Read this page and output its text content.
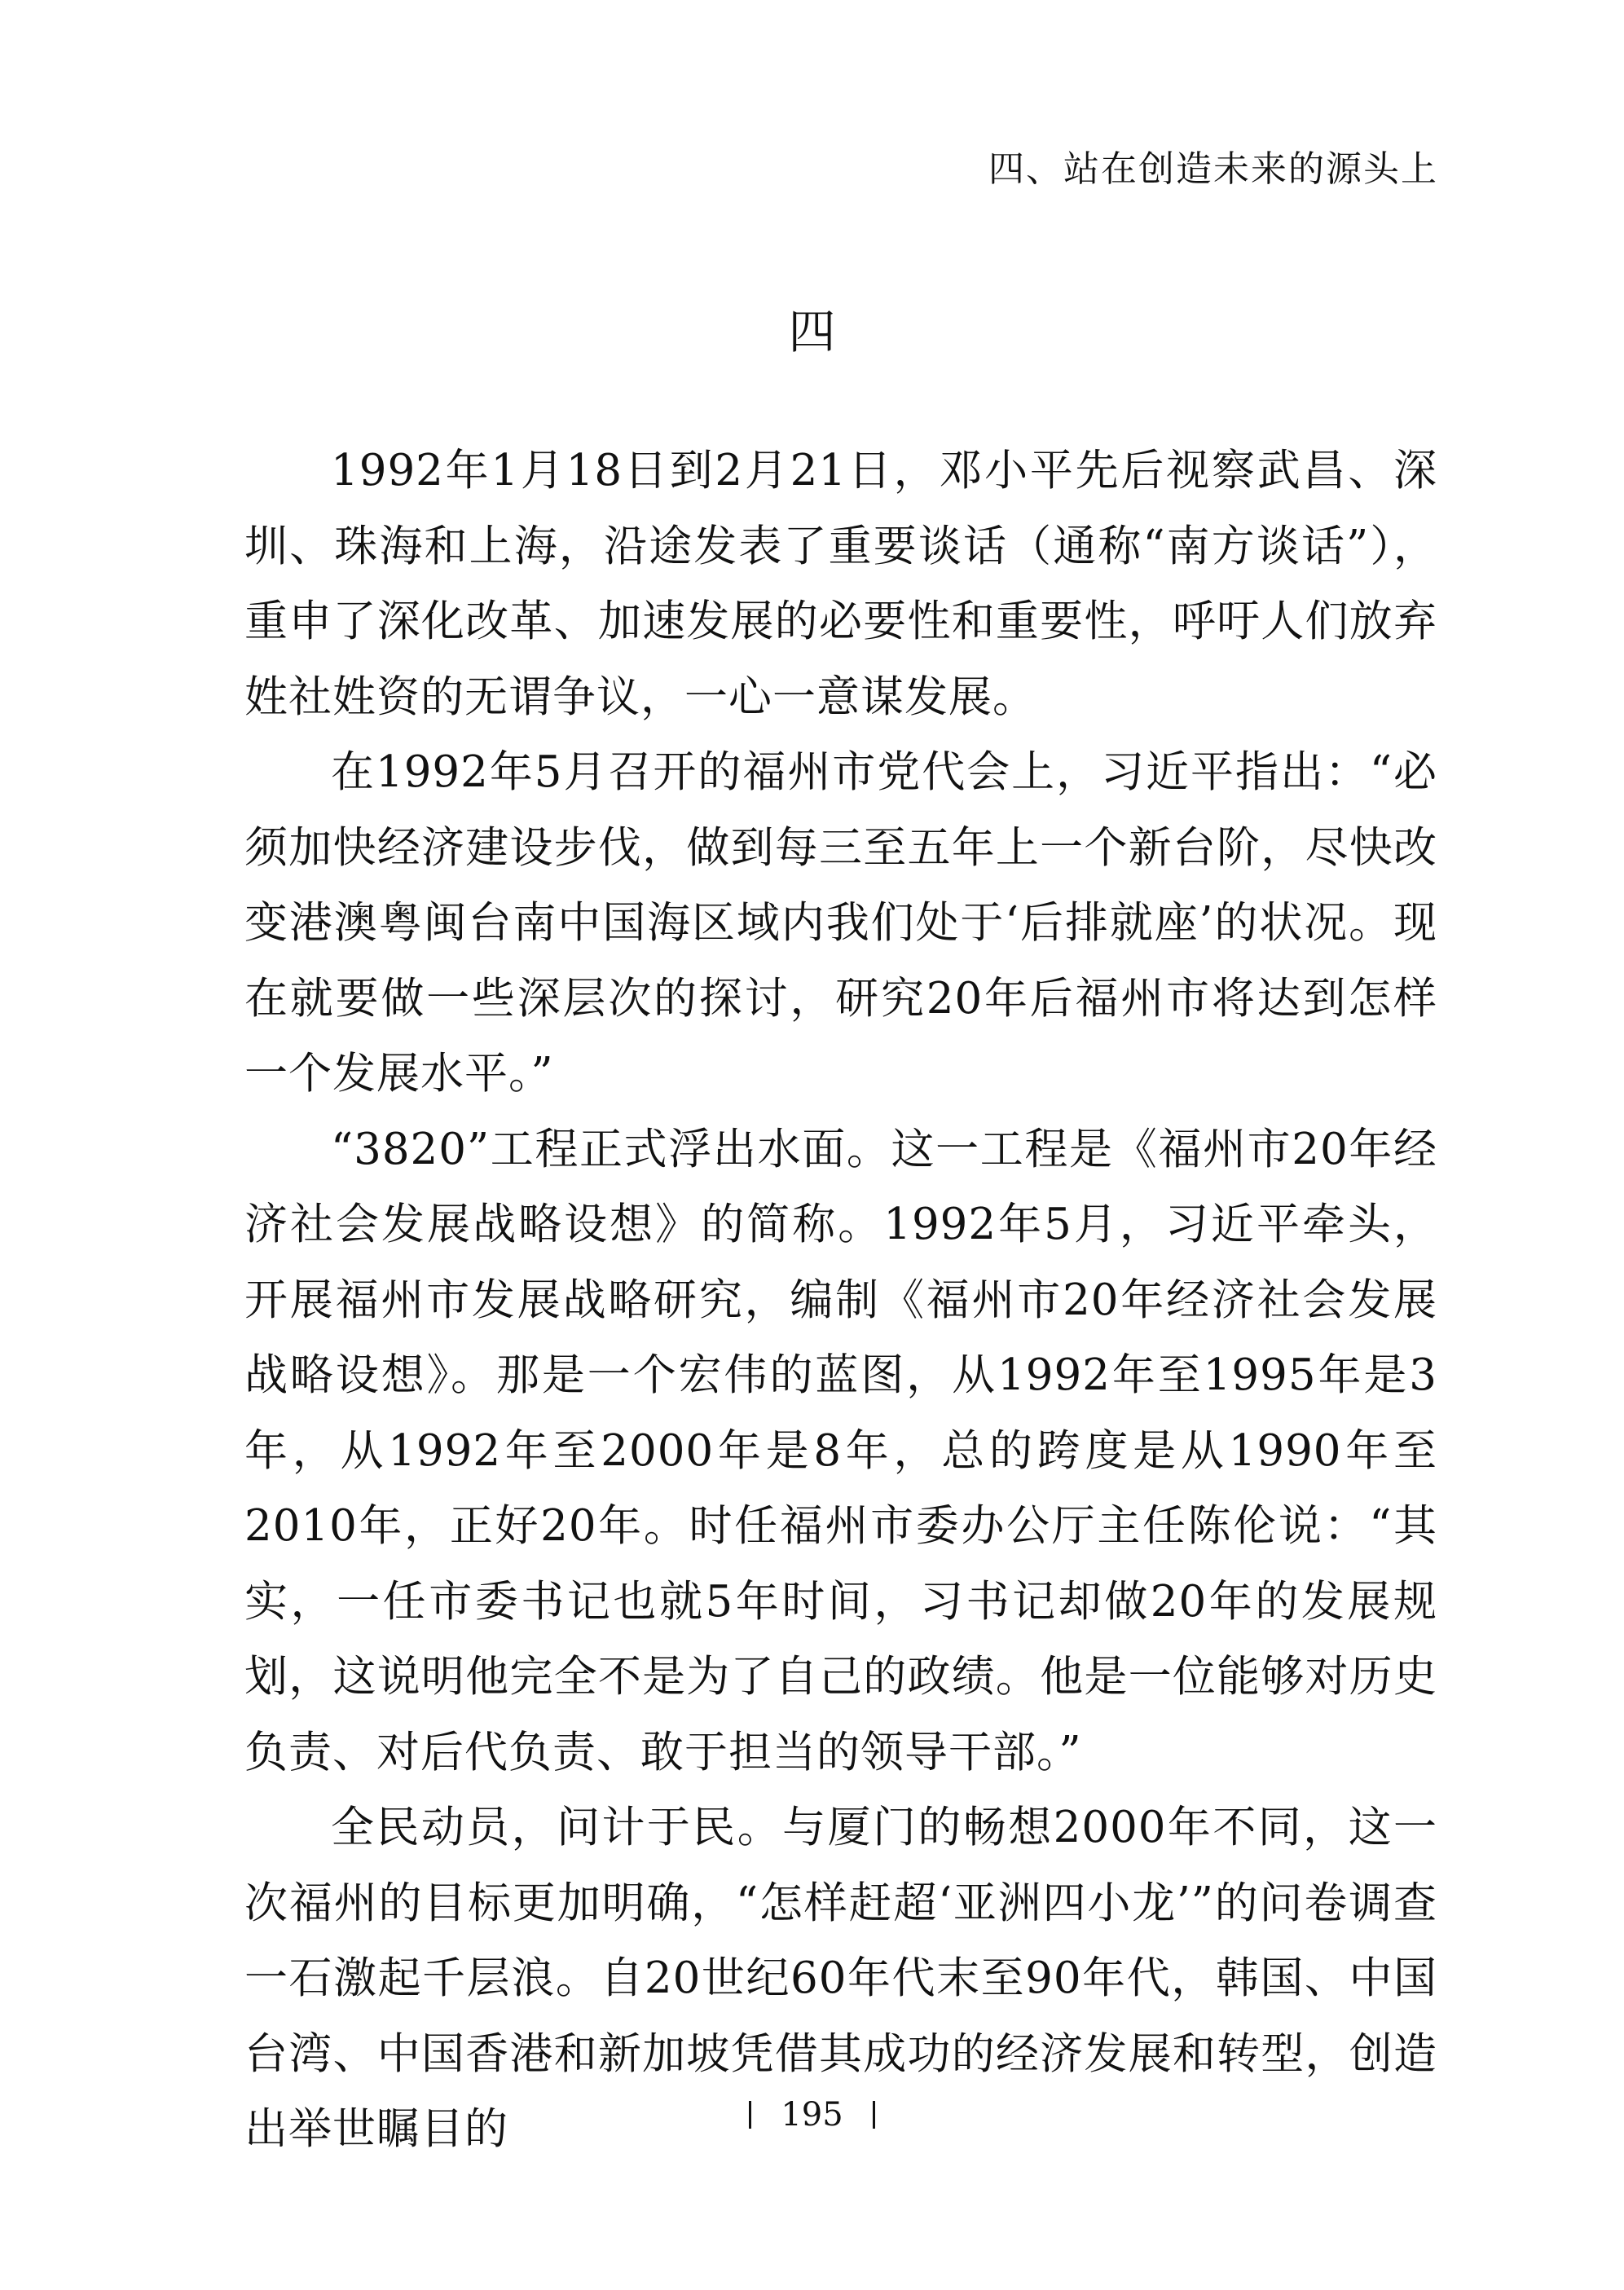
四、站在创造未来的源头上
四

1992年1月18日到2月21日，邓小平先后视察武昌、深圳、珠海和上海，沿途发表了重要谈话（通称“南方谈话”），重申了深化改革、加速发展的必要性和重要性，呼吁人们放弃姓社姓资的无谓争议，一心一意谋发展。

在1992年5月召开的福州市党代会上，习近平指出：“必须加快经济建设步伐，做到每三至五年上一个新台阶，尽快改变港澳粤闽台南中国海区域内我们处于‘后排就座’的状况。现在就要做一些深层次的探讨，研究20年后福州市将达到怎样一个发展水平。”

“3820”工程正式浮出水面。这一工程是《福州市20年经济社会发展战略设想》的简称。1992年5月，习近平牵头，开展福州市发展战略研究，编制《福州市20年经济社会发展战略设想》。那是一个宏伟的蓝图，从1992年至1995年是3年，从1992年至2000年是8年，总的跨度是从1990年至2010年，正好20年。时任福州市委办公厅主任陈伦说：“其实，一任市委书记也就5年时间，习书记却做20年的发展规划，这说明他完全不是为了自己的政绩。他是一位能够对历史负责、对后代负责、敢于担当的领导干部。”

全民动员，问计于民。与厦门的畅想2000年不同，这一次福州的目标更加明确，“怎样赶超‘亚洲四小龙’”的问卷调查一石激起千层浪。自20世纪60年代末至90年代，韩国、中国台湾、中国香港和新加坡凭借其成功的经济发展和转型，创造出举世瞩目的	195
